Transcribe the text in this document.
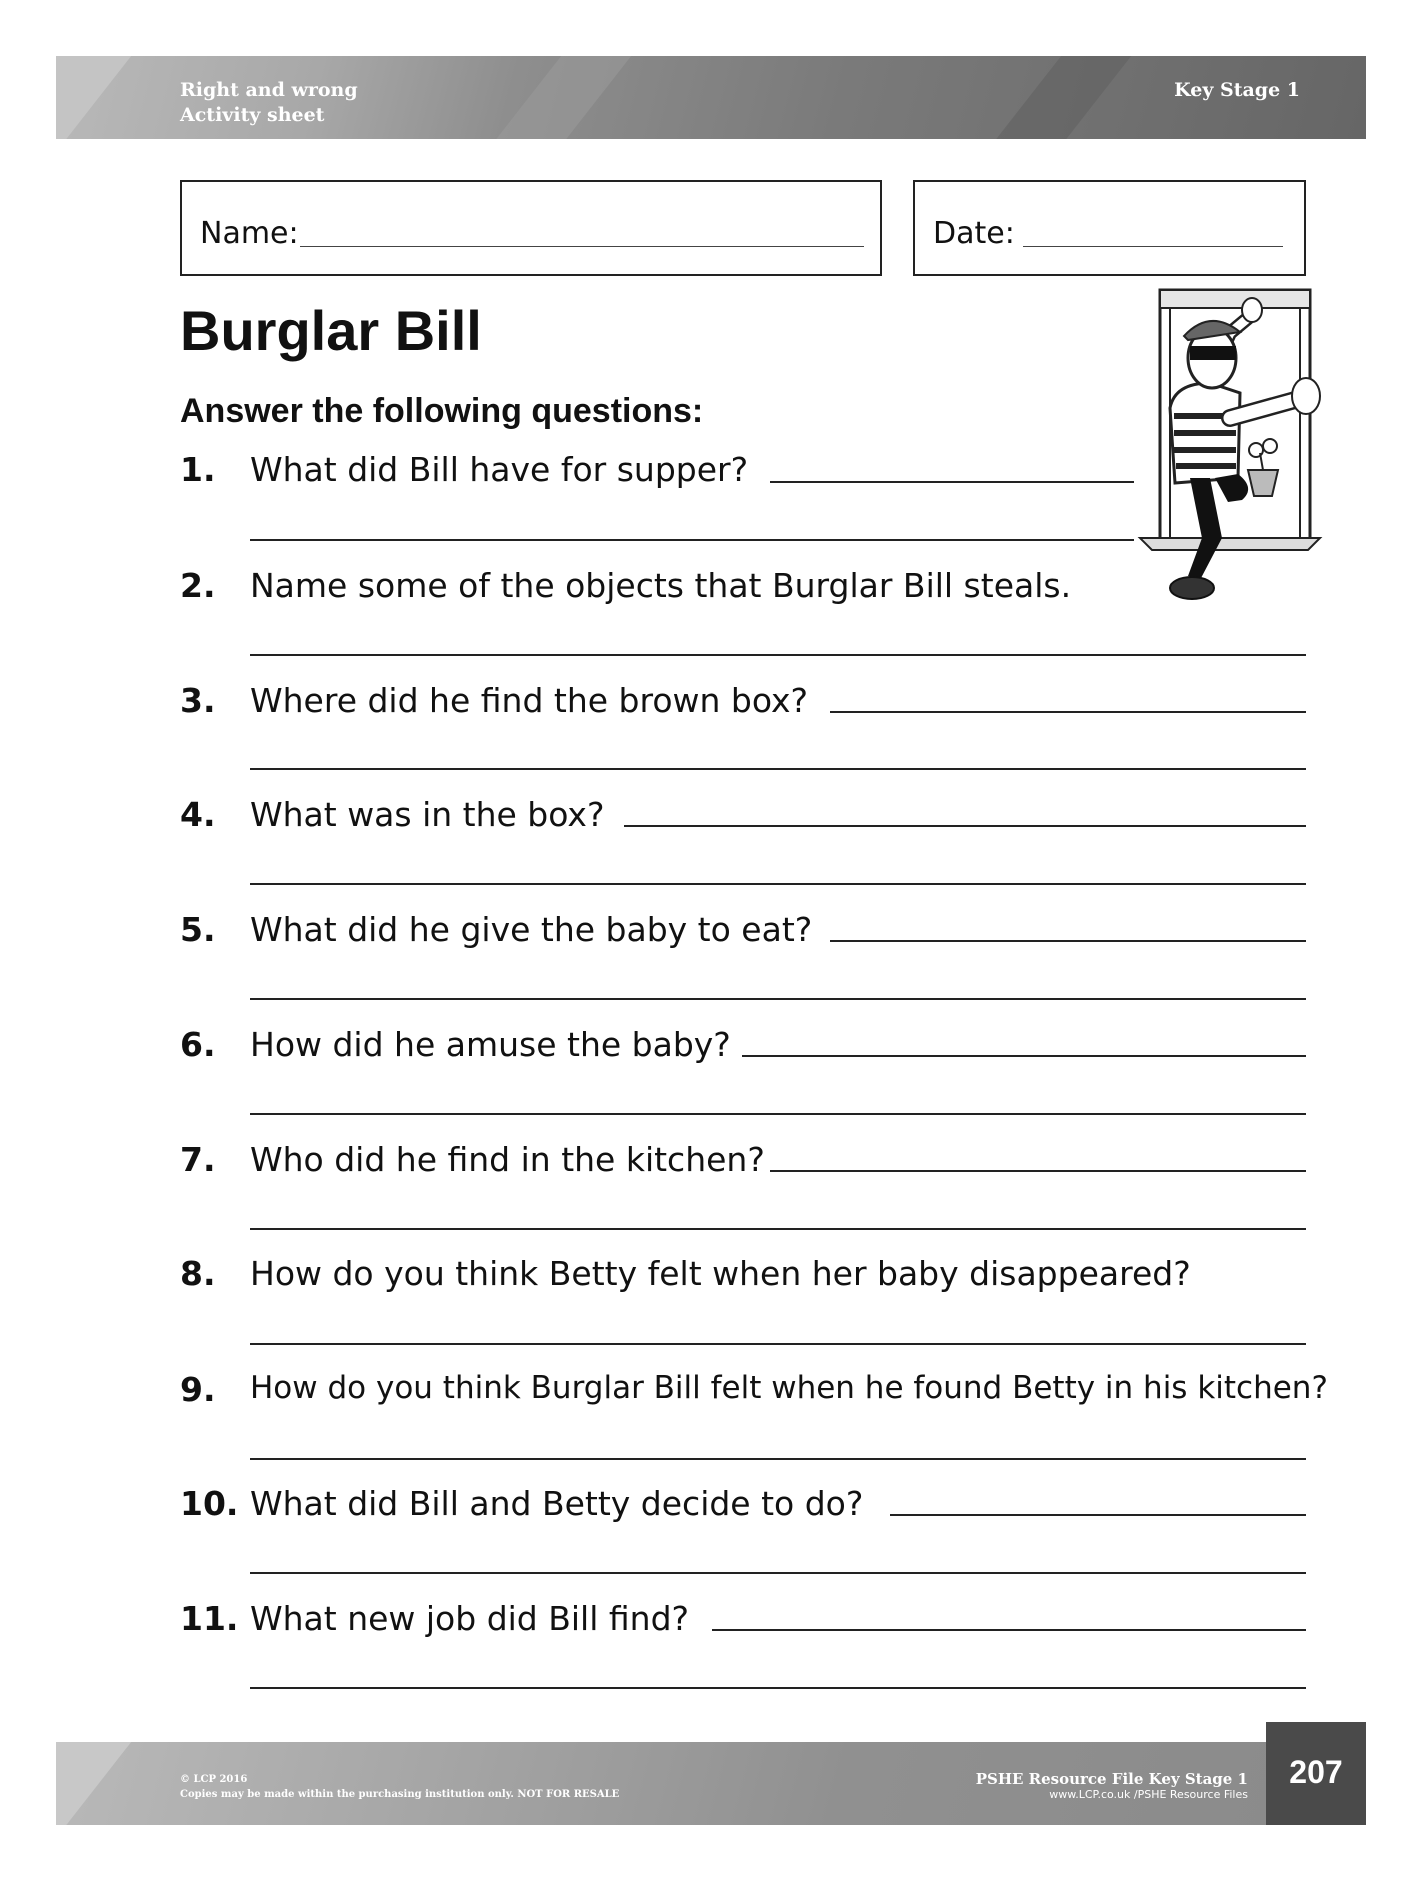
Right and wrong
Activity sheet
Key Stage 1
Name:	Date:
Burglar Bill
Answer the following questions:
1. What did Bill have for supper?
2. Name some of the objects that Burglar Bill steals.
3. Where did he find the brown box?
4. What was in the box?
5. What did he give the baby to eat?
6. How did he amuse the baby?
7. Who did he find in the kitchen?
8. How do you think Betty felt when her baby disappeared?
9. How do you think Burglar Bill felt when he found Betty in his kitchen?
10. What did Bill and Betty decide to do?
11. What new job did Bill find?
© LCP 2016
Copies may be made within the purchasing institution only. NOT FOR RESALE
PSHE Resource File Key Stage 1
www.LCP.co.uk /PSHE Resource Files
207
